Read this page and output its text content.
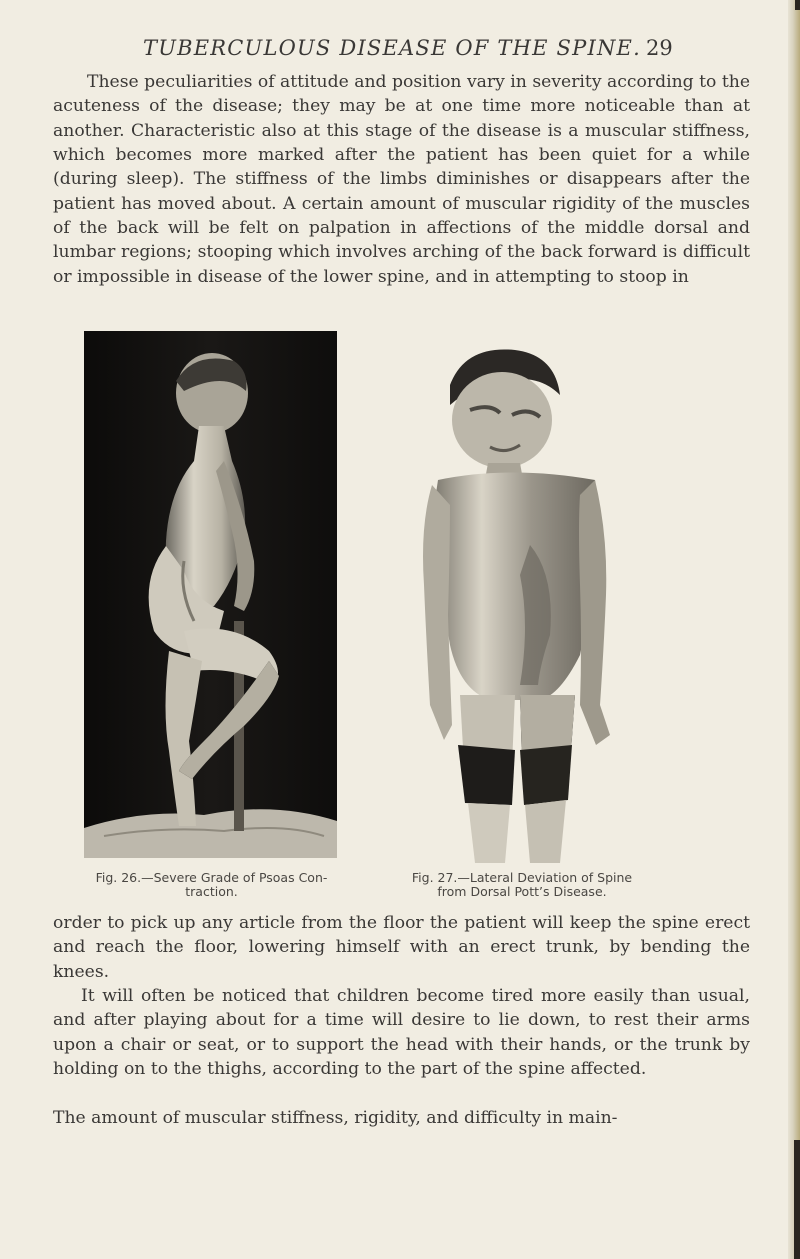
TUBERCULOUS DISEASE OF THE SPINE. 29

These peculiarities of attitude and position vary in severity according to the acuteness of the disease; they may be at one time more noticeable than at another. Characteristic also at this stage of the disease is a muscular stiffness, which becomes more marked after the patient has been quiet for a while (during sleep). The stiffness of the limbs diminishes or disappears after the patient has moved about. A certain amount of muscular rigidity of the muscles of the back will be felt on palpation in affections of the middle dorsal and lumbar regions; stooping which involves arching of the back forward is difficult or impossible in disease of the lower spine, and in attempting to stoop in

Fig. 26.—Severe Grade of Psoas Con-
traction.
Fig. 27.—Lateral Deviation of Spine
from Dorsal Pott’s Disease.

order to pick up any article from the floor the patient will keep the spine erect and reach the floor, lowering himself with an erect trunk, by bending the knees.

It will often be noticed that children become tired more easily than usual, and after playing about for a time will desire to lie down, to rest their arms upon a chair or seat, or to support the head with their hands, or the trunk by holding on to the thighs, according to the part of the spine affected.

The amount of muscular stiffness, rigidity, and difficulty in main-
